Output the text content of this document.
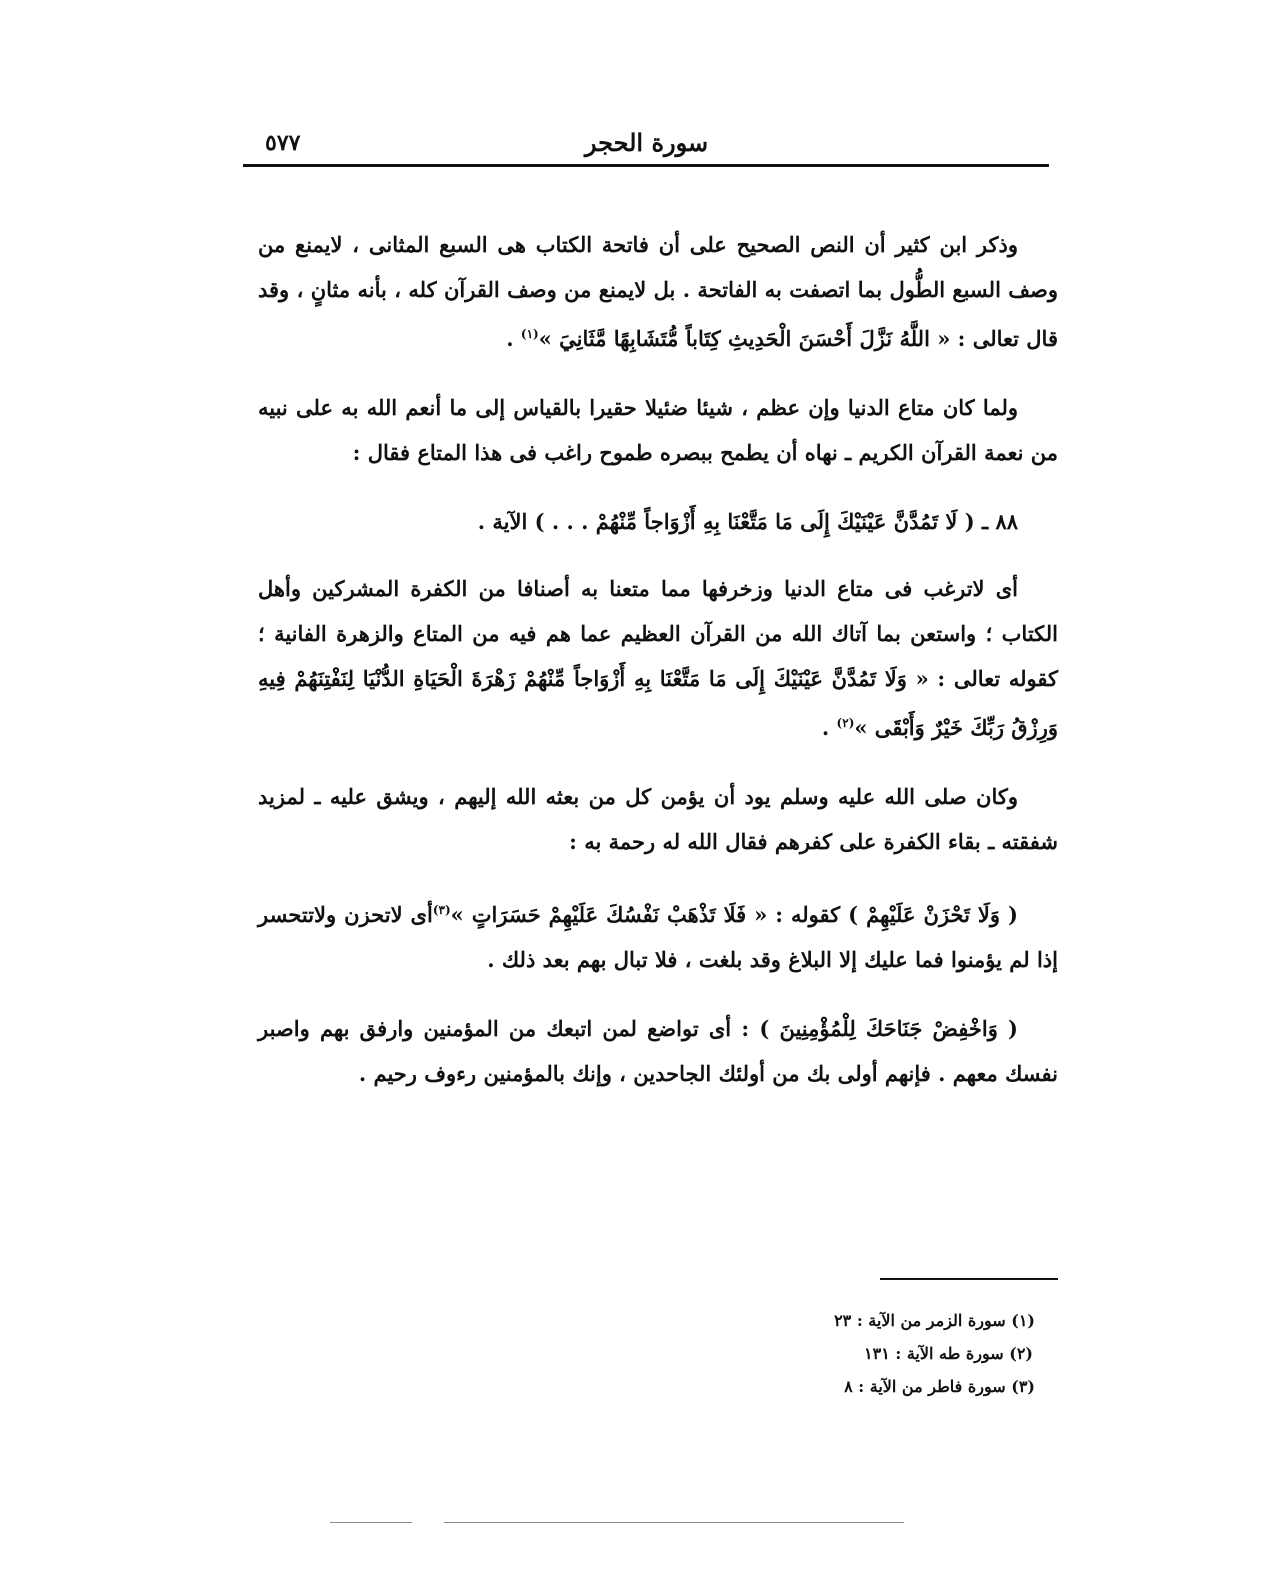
سورة الحجر
٥٧٧

وذكر ابن كثير أن النص الصحيح على أن فاتحة الكتاب هى السبع المثانى ، لايمنع من وصف السبع الطُّول بما اتصفت به الفاتحة . بل لايمنع من وصف القرآن كله ، بأنه مثانٍ ، وقد قال تعالى : « اللَّهُ نَزَّلَ أَحْسَنَ الْحَدِيثِ كِتَاباً مُّتَشَابِهًا مَّثَانِيَ »$^{(١)}$ .

ولما كان متاع الدنيا وإن عظم ، شيئا ضئيلا حقيرا بالقياس إلى ما أنعم الله به على نبيه من نعمة القرآن الكريم ـ نهاه أن يطمح ببصره طموح راغب فى هذا المتاع فقال :

٨٨ ـ ( لَا تَمُدَّنَّ عَيْنَيْكَ إِلَى مَا مَتَّعْنَا بِهِ أَزْوَاجاً مِّنْهُمْ . . . ) الآية .

أى لاترغب فى متاع الدنيا وزخرفها مما متعنا به أصنافا من الكفرة المشركين وأهل الكتاب ؛ واستعن بما آتاك الله من القرآن العظيم عما هم فيه من المتاع والزهرة الفانية ؛ كقوله تعالى : « وَلَا تَمُدَّنَّ عَيْنَيْكَ إِلَى مَا مَتَّعْنَا بِهِ أَزْوَاجاً مِّنْهُمْ زَهْرَةَ الْحَيَاةِ الدُّنْيَا لِنَفْتِنَهُمْ فِيهِ وَرِزْقُ رَبِّكَ خَيْرٌ وَأَبْقَى »$^{(٢)}$ .

وكان صلى الله عليه وسلم يود أن يؤمن كل من بعثه الله إليهم ، ويشق عليه ـ لمزيد شفقته ـ بقاء الكفرة على كفرهم فقال الله له رحمة به :

( وَلَا تَحْزَنْ عَلَيْهِمْ ) كقوله : « فَلَا تَذْهَبْ نَفْسُكَ عَلَيْهِمْ حَسَرَاتٍ »$^{(٣)}$أى لاتحزن ولاتتحسر إذا لم يؤمنوا فما عليك إلا البلاغ وقد بلغت ، فلا تبال بهم بعد ذلك .

( وَاخْفِضْ جَنَاحَكَ لِلْمُؤْمِنِينَ ) : أى تواضع لمن اتبعك من المؤمنين وارفق بهم واصبر نفسك معهم . فإنهم أولى بك من أولئك الجاحدين ، وإنك بالمؤمنين رءوف رحيم .

(١) سورة الزمر من الآية : ٢٣

(٢) سورة طه الآية : ١٣١

(٣) سورة فاطر من الآية : ٨
